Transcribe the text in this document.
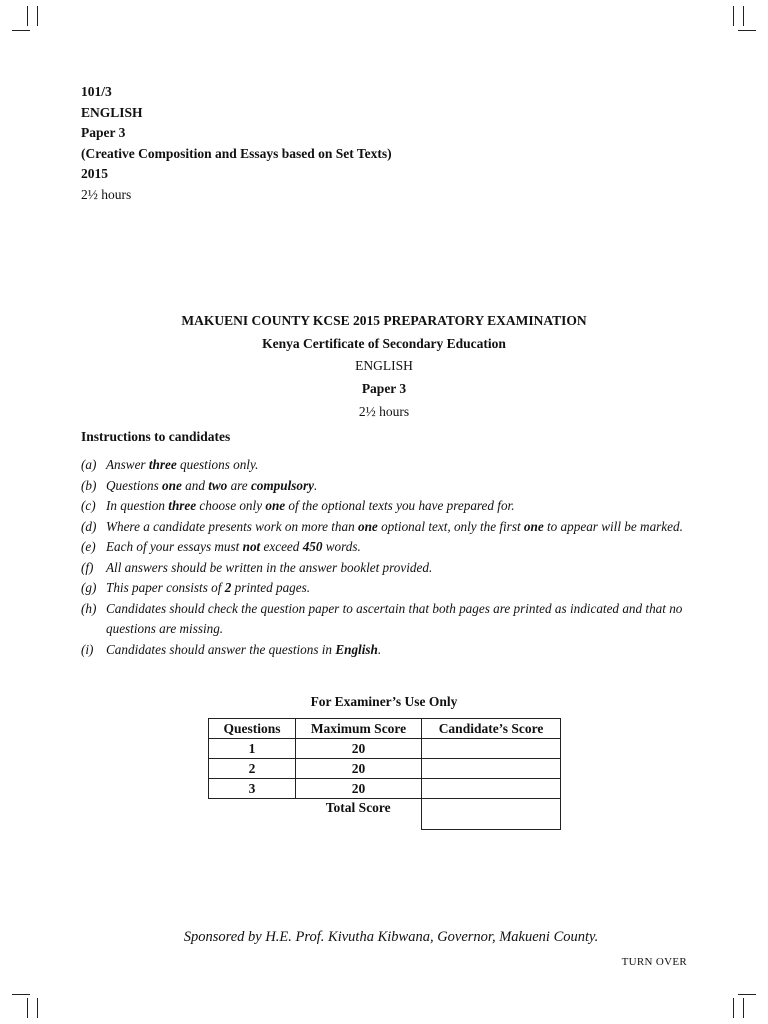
101/3
ENGLISH
Paper 3
(Creative Composition and Essays based on Set Texts)
2015
2½ hours
MAKUENI COUNTY KCSE 2015 PREPARATORY EXAMINATION
Kenya Certificate of Secondary Education
ENGLISH
Paper 3
2½ hours
Instructions to candidates
(a) Answer three questions only.
(b) Questions one and two are compulsory.
(c) In question three choose only one of the optional texts you have prepared for.
(d) Where a candidate presents work on more than one optional text, only the first one to appear will be marked.
(e) Each of your essays must not exceed 450 words.
(f) All answers should be written in the answer booklet provided.
(g) This paper consists of 2 printed pages.
(h) Candidates should check the question paper to ascertain that both pages are printed as indicated and that no questions are missing.
(i) Candidates should answer the questions in English.
For Examiner’s Use Only
Questions	Maximum Score	Candidate’s Score
1	20	
2	20	
3	20	
	Total Score	
Sponsored by H.E. Prof. Kivutha Kibwana, Governor, Makueni County.
TURN OVER
